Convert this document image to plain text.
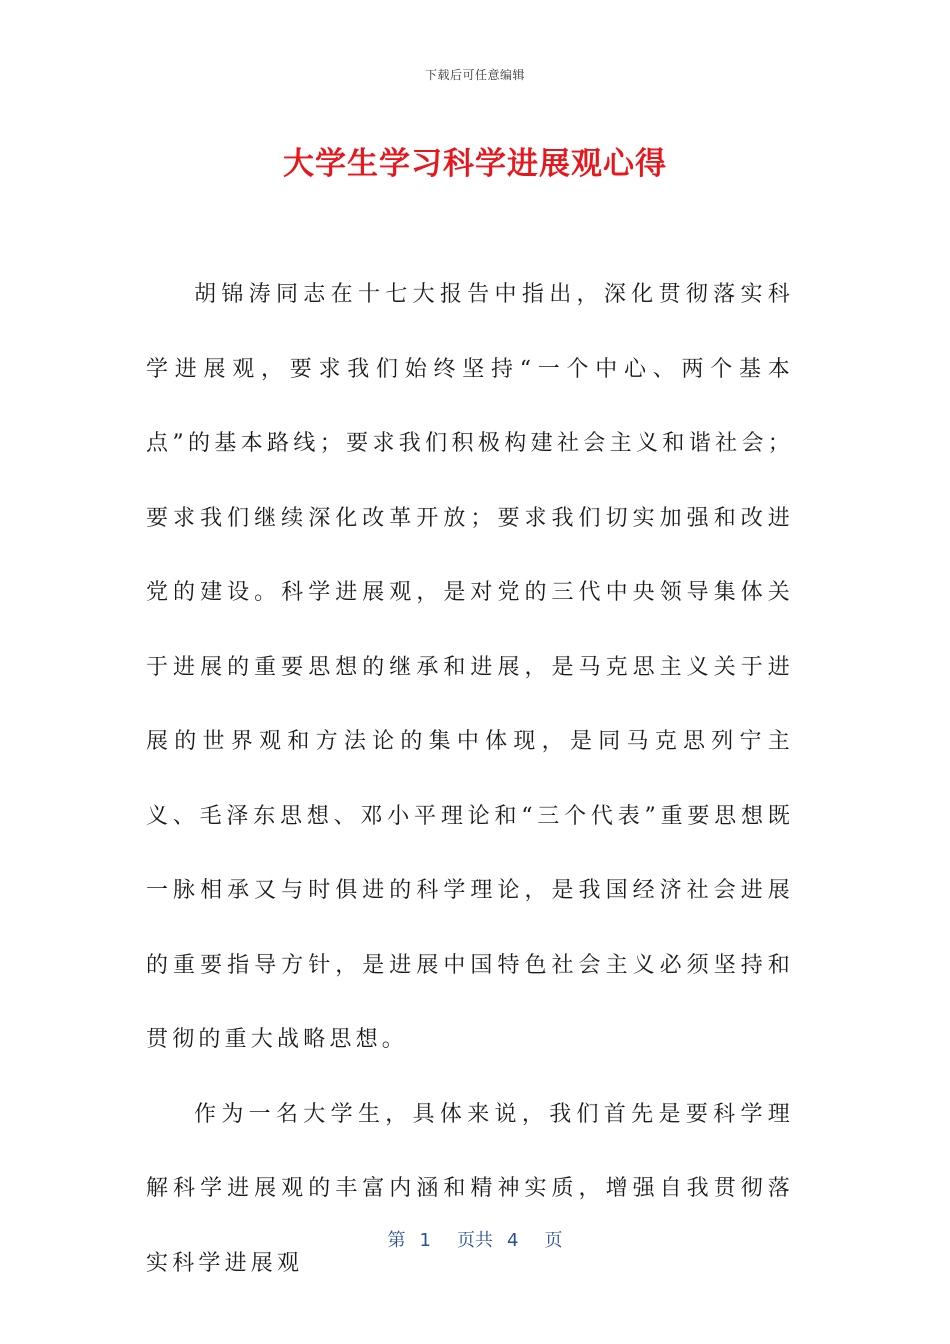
下载后可任意编辑
大学生学习科学进展观心得

胡锦涛同志在十七大报告中指出，深化贯彻落实科学进展观，要求我们始终坚持“一个中心、两个基本点”的基本路线；要求我们积极构建社会主义和谐社会；要求我们继续深化改革开放；要求我们切实加强和改进党的建设。科学进展观，是对党的三代中央领导集体关于进展的重要思想的继承和进展，是马克思主义关于进展的世界观和方法论的集中体现，是同马克思列宁主义、毛泽东思想、邓小平理论和“三个代表”重要思想既一脉相承又与时俱进的科学理论，是我国经济社会进展的重要指导方针，是进展中国特色社会主义必须坚持和贯彻的重大战略思想。

作为一名大学生，具体来说，我们首先是要科学理解科学进展观的丰富内涵和精神实质，增强自我贯彻落实科学进展观

第 1 页共 4 页
